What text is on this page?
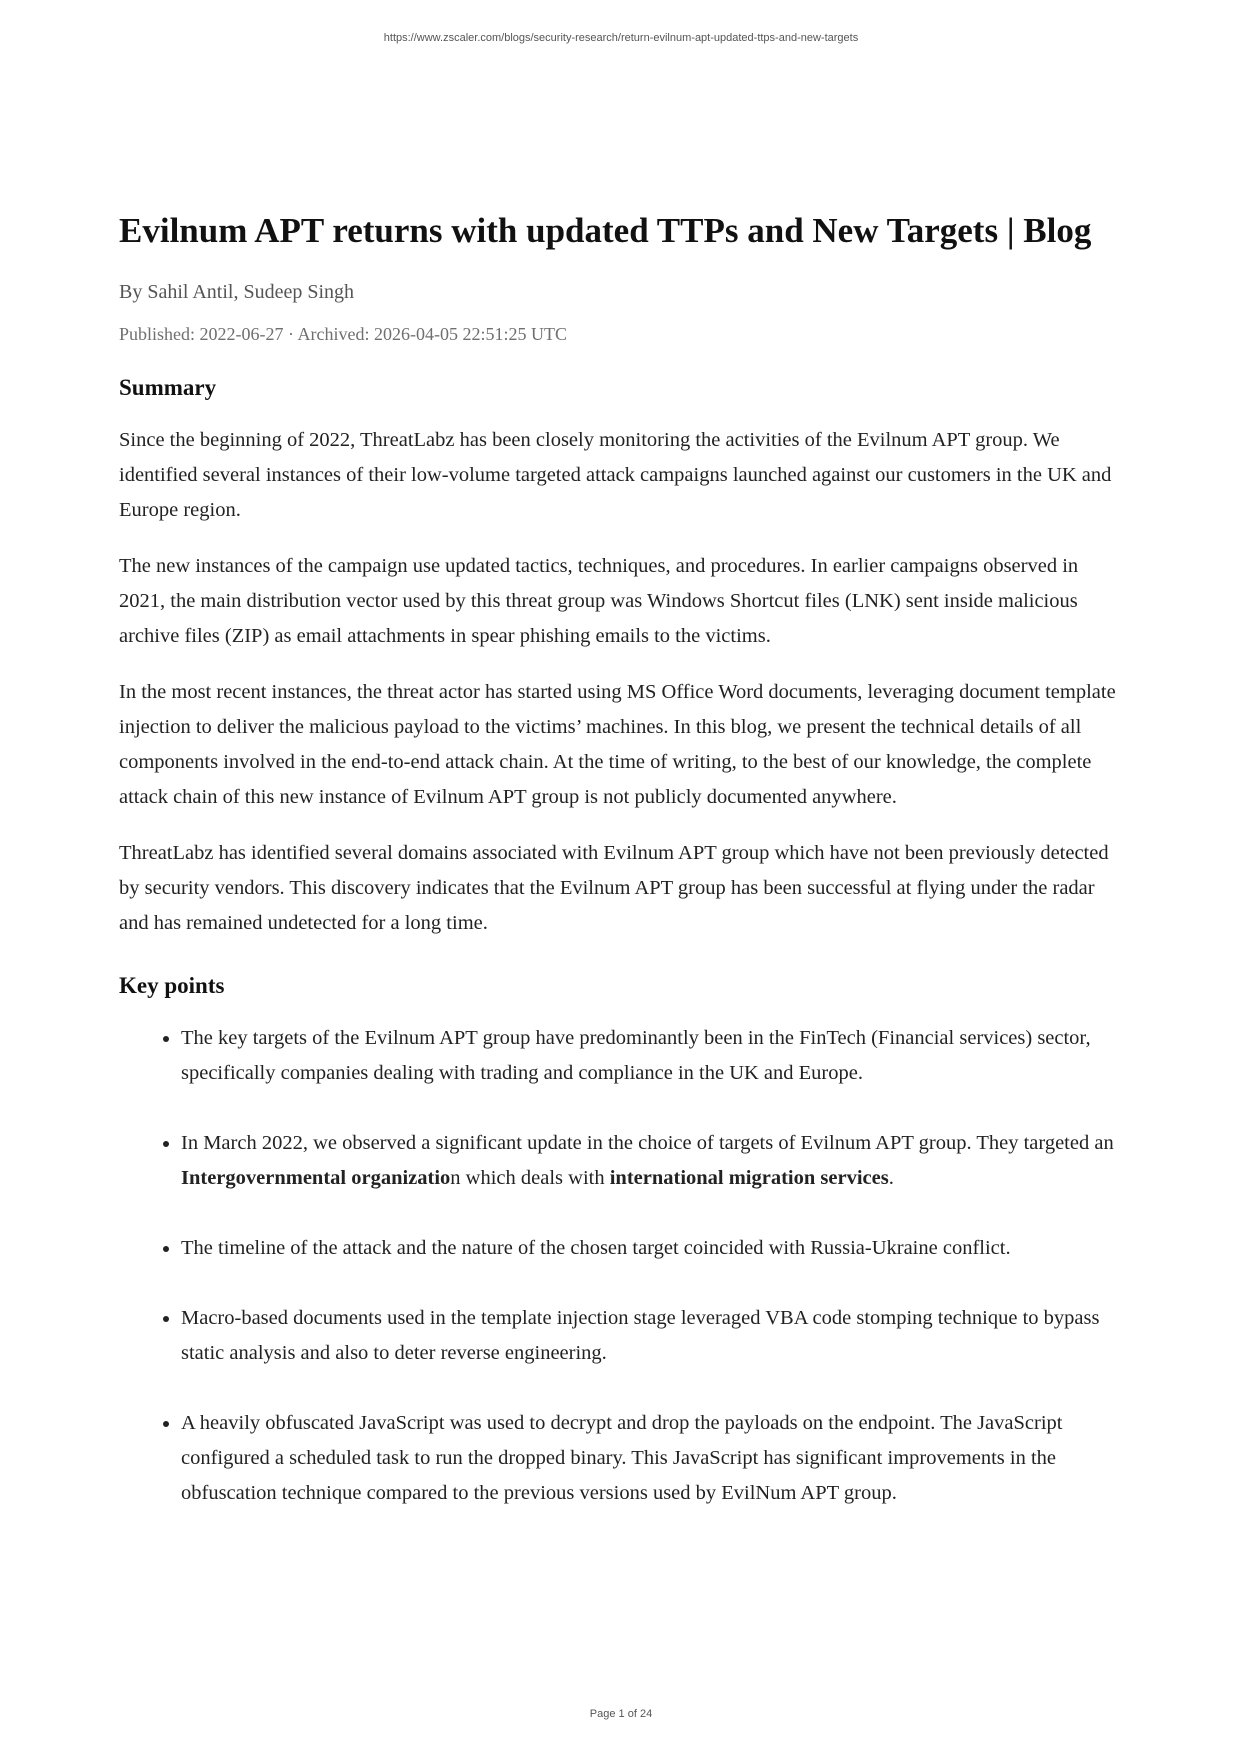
https://www.zscaler.com/blogs/security-research/return-evilnum-apt-updated-ttps-and-new-targets
Evilnum APT returns with updated TTPs and New Targets | Blog
By Sahil Antil, Sudeep Singh
Published: 2022-06-27 · Archived: 2026-04-05 22:51:25 UTC
Summary

Since the beginning of 2022, ThreatLabz has been closely monitoring the activities of the Evilnum APT group. We identified several instances of their low-volume targeted attack campaigns launched against our customers in the UK and Europe region.

The new instances of the campaign use updated tactics, techniques, and procedures. In earlier campaigns observed in 2021, the main distribution vector used by this threat group was Windows Shortcut files (LNK) sent inside malicious archive files (ZIP) as email attachments in spear phishing emails to the victims.

In the most recent instances, the threat actor has started using MS Office Word documents, leveraging document template injection to deliver the malicious payload to the victims’ machines. In this blog, we present the technical details of all components involved in the end-to-end attack chain. At the time of writing, to the best of our knowledge, the complete attack chain of this new instance of Evilnum APT group is not publicly documented anywhere.

ThreatLabz has identified several domains associated with Evilnum APT group which have not been previously detected by security vendors. This discovery indicates that the Evilnum APT group has been successful at flying under the radar and has remained undetected for a long time.

Key points
• The key targets of the Evilnum APT group have predominantly been in the FinTech (Financial services) sector, specifically companies dealing with trading and compliance in the UK and Europe.
• In March 2022, we observed a significant update in the choice of targets of Evilnum APT group. They targeted an Intergovernmental organization which deals with international migration services.
• The timeline of the attack and the nature of the chosen target coincided with Russia-Ukraine conflict.
• Macro-based documents used in the template injection stage leveraged VBA code stomping technique to bypass static analysis and also to deter reverse engineering.
• A heavily obfuscated JavaScript was used to decrypt and drop the payloads on the endpoint. The JavaScript configured a scheduled task to run the dropped binary. This JavaScript has significant improvements in the obfuscation technique compared to the previous versions used by EvilNum APT group.
Page 1 of 24
